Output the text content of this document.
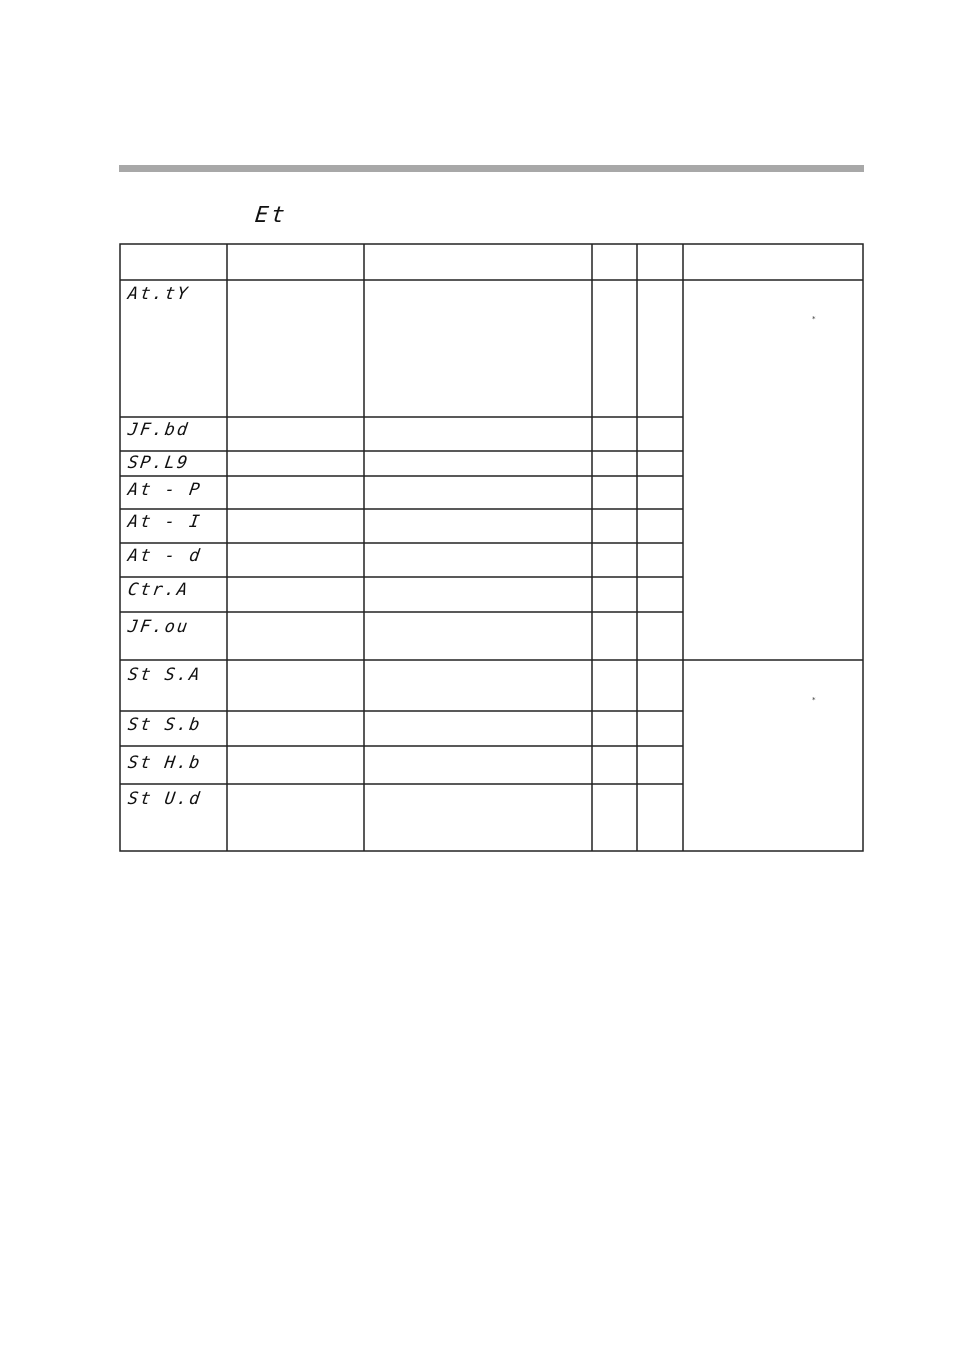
Et
At.tY
JF.bd
SP.L9
At - P
At - I
At - d
Ctr.A
JF.ou
St S.A
St S.b
St H.b
St U.d
*
*
